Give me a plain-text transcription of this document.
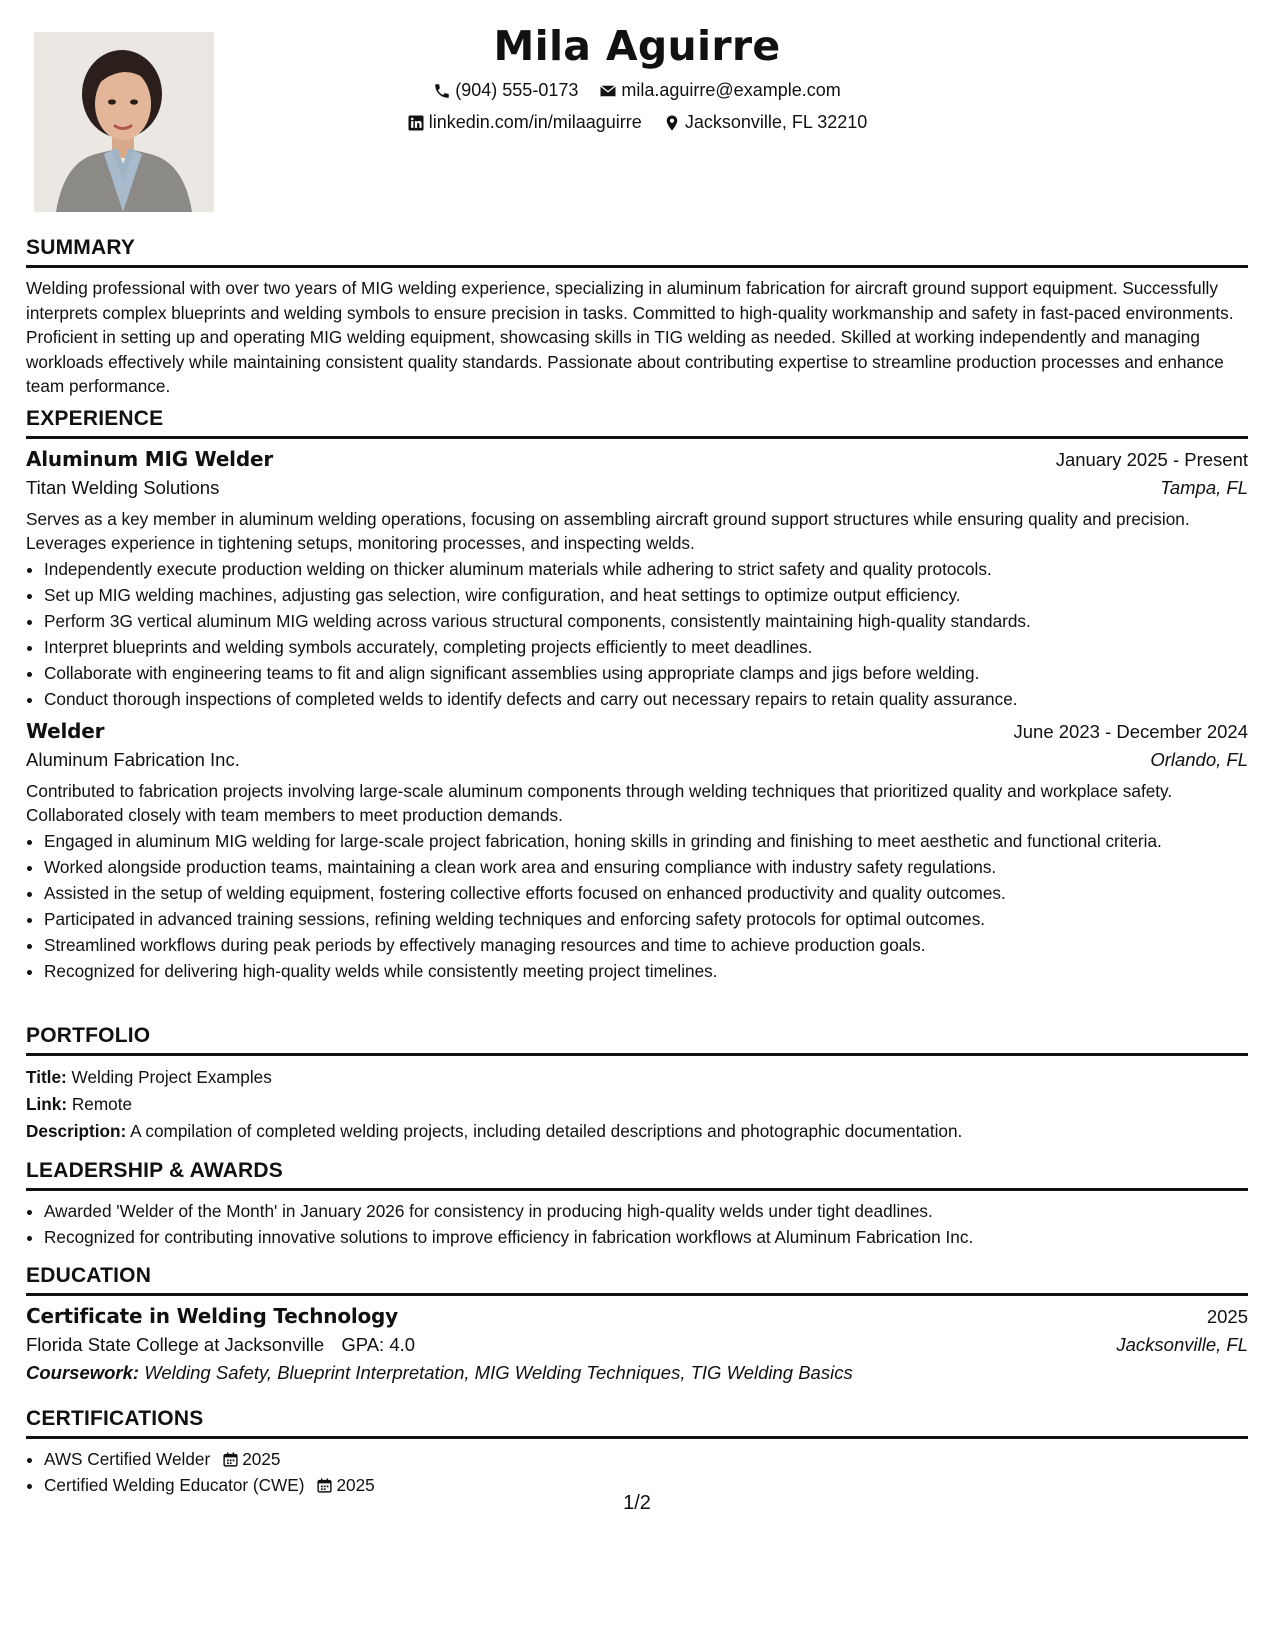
Mila Aguirre
(904) 555-0173
mila.aguirre@example.com
linkedin.com/in/milaaguirre
Jacksonville, FL 32210
SUMMARY
Welding professional with over two years of MIG welding experience, specializing in aluminum fabrication for aircraft ground support equipment. Successfully interprets complex blueprints and welding symbols to ensure precision in tasks. Committed to high-quality workmanship and safety in fast-paced environments. Proficient in setting up and operating MIG welding equipment, showcasing skills in TIG welding as needed. Skilled at working independently and managing workloads effectively while maintaining consistent quality standards. Passionate about contributing expertise to streamline production processes and enhance team performance.
EXPERIENCE
Aluminum MIG Welder	January 2025 - Present
Titan Welding Solutions	Tampa, FL
Serves as a key member in aluminum welding operations, focusing on assembling aircraft ground support structures while ensuring quality and precision. Leverages experience in tightening setups, monitoring processes, and inspecting welds.
• Independently execute production welding on thicker aluminum materials while adhering to strict safety and quality protocols.
• Set up MIG welding machines, adjusting gas selection, wire configuration, and heat settings to optimize output efficiency.
• Perform 3G vertical aluminum MIG welding across various structural components, consistently maintaining high-quality standards.
• Interpret blueprints and welding symbols accurately, completing projects efficiently to meet deadlines.
• Collaborate with engineering teams to fit and align significant assemblies using appropriate clamps and jigs before welding.
• Conduct thorough inspections of completed welds to identify defects and carry out necessary repairs to retain quality assurance.
Welder	June 2023 - December 2024
Aluminum Fabrication Inc.	Orlando, FL
Contributed to fabrication projects involving large-scale aluminum components through welding techniques that prioritized quality and workplace safety. Collaborated closely with team members to meet production demands.
• Engaged in aluminum MIG welding for large-scale project fabrication, honing skills in grinding and finishing to meet aesthetic and functional criteria.
• Worked alongside production teams, maintaining a clean work area and ensuring compliance with industry safety regulations.
• Assisted in the setup of welding equipment, fostering collective efforts focused on enhanced productivity and quality outcomes.
• Participated in advanced training sessions, refining welding techniques and enforcing safety protocols for optimal outcomes.
• Streamlined workflows during peak periods by effectively managing resources and time to achieve production goals.
• Recognized for delivering high-quality welds while consistently meeting project timelines.
PORTFOLIO
Title: Welding Project Examples
Link: Remote
Description: A compilation of completed welding projects, including detailed descriptions and photographic documentation.
LEADERSHIP & AWARDS
• Awarded 'Welder of the Month' in January 2026 for consistency in producing high-quality welds under tight deadlines.
• Recognized for contributing innovative solutions to improve efficiency in fabrication workflows at Aluminum Fabrication Inc.
EDUCATION
Certificate in Welding Technology	2025
Florida State College at Jacksonville GPA: 4.0	Jacksonville, FL
Coursework: Welding Safety, Blueprint Interpretation, MIG Welding Techniques, TIG Welding Basics
CERTIFICATIONS
• AWS Certified Welder 2025
• Certified Welding Educator (CWE) 2025
1/2
